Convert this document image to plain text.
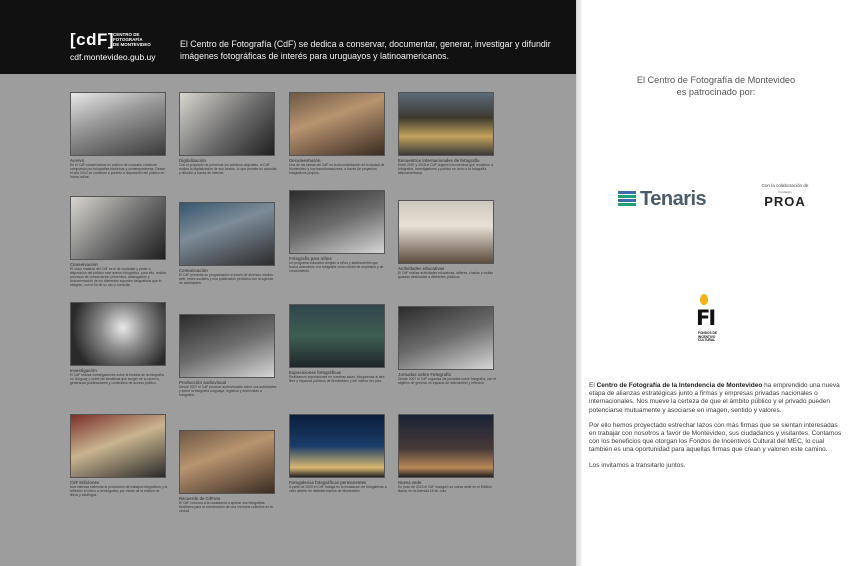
[cdF]
CENTRO DE
FOTOGRAFÍA
DE MONTEVIDEO
cdf.montevideo.gub.uy
El Centro de Fotografía (CdF) se dedica a conservar, documentar, generar, investigar y difundir imágenes fotográficas de interés para uruguayos y latinoamericanos.
Acervo
En el CdF conservamos un archivo de consumo creciente, compuesto por fotografías históricas y contemporáneas. Desde el año 2012 se comenzó a ponerlo a disposición del público en forma online.
Conservación
El único material del CdF es el de custodiar y poner a disposición del público este acervo fotográfico, para ello, realiza procesos de conservación preventiva, catalogación y documentación de los diferentes soportes fotográficos que lo integran, con el fin de su uso y consulta.
Investigación
El CdF realiza investigaciones sobre la historia de la fotografía en Uruguay y sobre las temáticas que surgen de su acervo, generando publicaciones y contenidos de acceso público.
CdF Ediciones
Nos interesa estimular la producción de trabajos fotográficos y la reflexión en torno a la fotografía, por medio de la edición de libros y catálogos.
Digitalización
Con el propósito de preservar los archivos originales, el CdF realiza la digitalización de sus fondos, lo que permite su consulta y difusión a través de internet.
Comunicación
El CdF presenta su programación a través de diversos medios: web, redes sociales y una publicación periódica con la agenda de actividades.
Producción audiovisual
Desde 2007 el CdF produce audiovisuales sobre sus actividades y sobre la fotografía uruguaya, registros y entrevistas a fotógrafos.
Recuerdo de CdFoto
El CdF convoca a la ciudadanía a aportar sus fotografías familiares para la construcción de una memoria colectiva de la ciudad.
Documentación
Una de las tareas del CdF es la documentación de la ciudad de Montevideo y sus transformaciones, a través de proyectos fotográficos propios.
Fotografía para niños
Un programa educativo dirigido a niños y adolescentes que busca acercarlos a la fotografía como medio de expresión y de conocimiento.
Exposiciones fotográficas
Realizamos exposiciones en nuestras salas, fotogalerías al aire libre y espacios públicos de Montevideo y del interior del país.
Fotogalerías fotográficas permanentes
A partir de 2009 el CdF trabaja en la instalación de fotogalerías a cielo abierto en distintos barrios de Montevideo.
Encuentros internacionales de fotografía
Entre 2007 y 2015 el CdF organizó encuentros que reunieron a fotógrafos, investigadores y público en torno a la fotografía latinoamericana.
Actividades educativas
El CdF realiza actividades educativas, talleres, charlas y visitas guiadas destinadas a diferentes públicos.
Jornadas sobre Fotografía
Desde 2007 el CdF organiza las jornadas sobre fotografía, con el objetivo de generar un espacio de intercambio y reflexión.
Nueva sede
En junio de 2015 el CdF inauguró su nueva sede en el Edificio Bazar, en la Avenida 18 de Julio.
El Centro de Fotografía de Montevideo
es patrocinado por:
Tenaris
Con la colaboración de
Fundación
PROA
FI
FONDOS DE
INCENTIVO
CULTURAL

El Centro de Fotografía de la Intendencia de Montevideo ha emprendido una nueva etapa de alianzas estratégicas junto a firmas y empresas privadas nacionales o internacionales. Nos mueve la certeza de que el ámbito público y el privado pueden potenciarse mutuamente y asociarse en imagen, sentido y valores.

Por ello hemos proyectado estrechar lazos con más firmas que se sientan interesadas en trabajar con nosotros a favor de Montevideo, sus ciudadanos y visitantes. Contamos con los beneficios que otorgan los Fondos de Incentivos Cultural del MEC, lo cual también es una oportunidad para aquellas firmas que crean y valoren este camino.

Los invitamos a transitarlo juntos.
